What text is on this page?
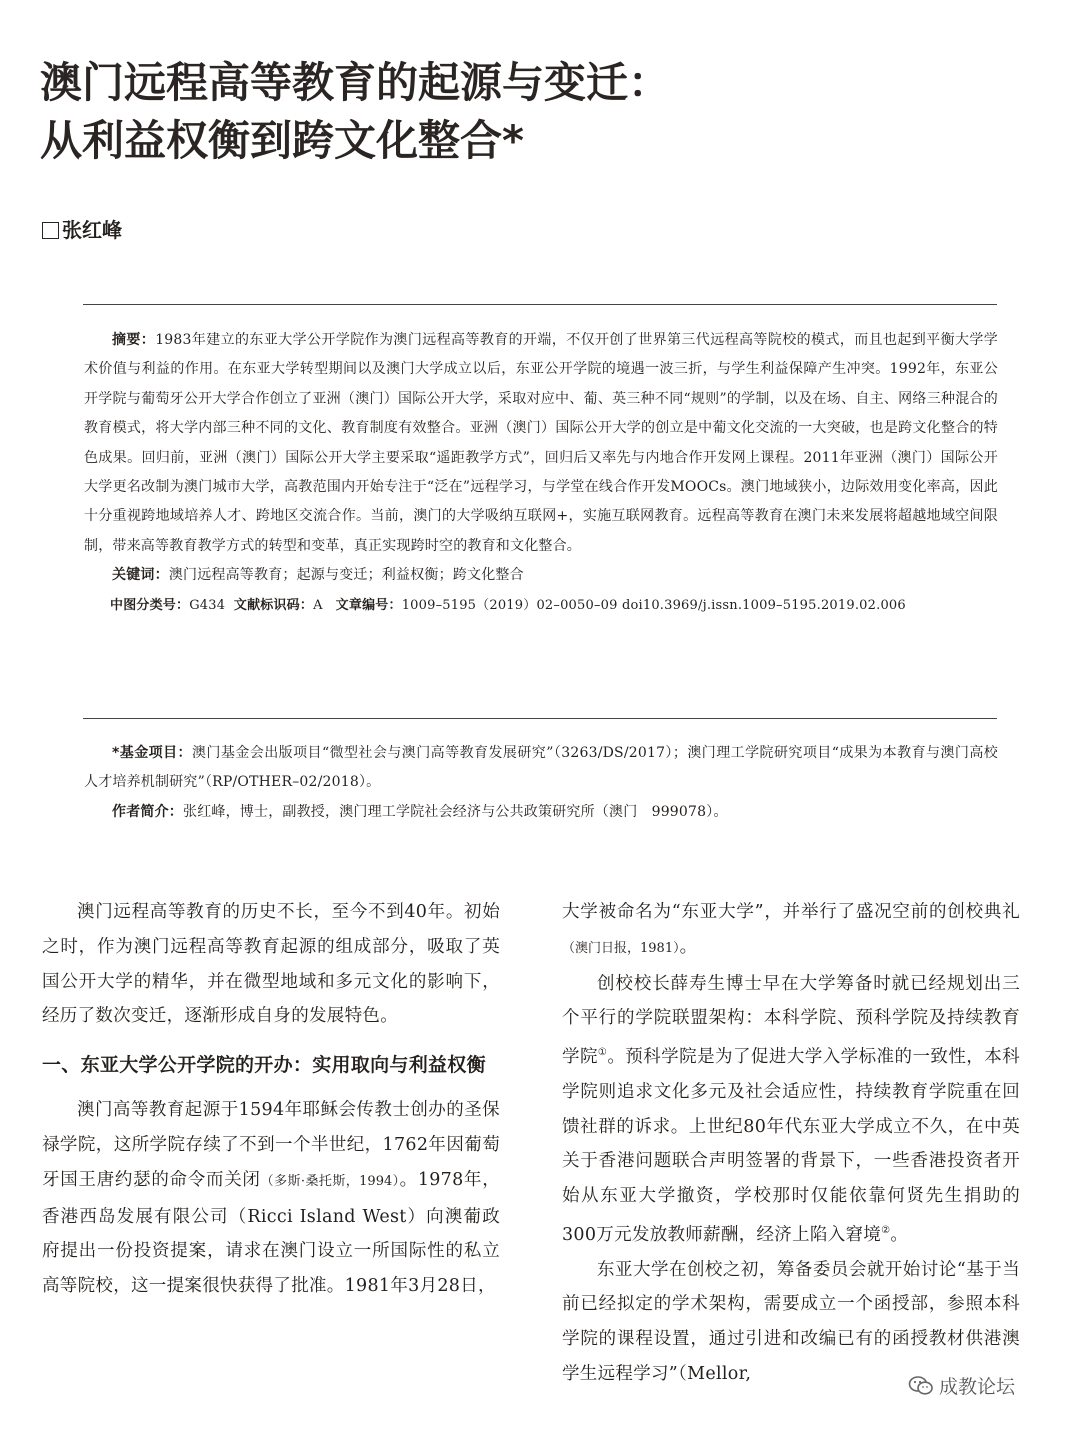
澳门远程高等教育的起源与变迁：
从利益权衡到跨文化整合*
张红峰

摘要：1983年建立的东亚大学公开学院作为澳门远程高等教育的开端，不仅开创了世界第三代远程高等院校的模式，而且也起到平衡大学学术价值与利益的作用。在东亚大学转型期间以及澳门大学成立以后，东亚公开学院的境遇一波三折，与学生利益保障产生冲突。1992年，东亚公开学院与葡萄牙公开大学合作创立了亚洲（澳门）国际公开大学，采取对应中、葡、英三种不同“规则”的学制，以及在场、自主、网络三种混合的教育模式，将大学内部三种不同的文化、教育制度有效整合。亚洲（澳门）国际公开大学的创立是中葡文化交流的一大突破，也是跨文化整合的特色成果。回归前，亚洲（澳门）国际公开大学主要采取“遥距教学方式”，回归后又率先与内地合作开发网上课程。2011年亚洲（澳门）国际公开大学更名改制为澳门城市大学，高教范围内开始专注于“泛在”远程学习，与学堂在线合作开发MOOCs。澳门地域狭小，边际效用变化率高，因此十分重视跨地域培养人才、跨地区交流合作。当前，澳门的大学吸纳互联网+，实施互联网教育。远程高等教育在澳门未来发展将超越地域空间限制，带来高等教育教学方式的转型和变革，真正实现跨时空的教育和文化整合。

关键词：澳门远程高等教育；起源与变迁；利益权衡；跨文化整合

中图分类号：G434 文献标识码：A 文章编号：1009–5195（2019）02–0050–09 doi10.3969/j.issn.1009–5195.2019.02.006

*基金项目：澳门基金会出版项目“微型社会与澳门高等教育发展研究”（3263/DS/2017）；澳门理工学院研究项目“成果为本教育与澳门高校人才培养机制研究”（RP/OTHER–02/2018）。

作者简介：张红峰，博士，副教授，澳门理工学院社会经济与公共政策研究所（澳门　999078）。

澳门远程高等教育的历史不长，至今不到40年。初始之时，作为澳门远程高等教育起源的组成部分，吸取了英国公开大学的精华，并在微型地域和多元文化的影响下，经历了数次变迁，逐渐形成自身的发展特色。

一、东亚大学公开学院的开办：实用取向与利益权衡

澳门高等教育起源于1594年耶稣会传教士创办的圣保禄学院，这所学院存续了不到一个半世纪，1762年因葡萄牙国王唐约瑟的命令而关闭（多斯·桑托斯，1994）。1978年，香港西岛发展有限公司（Ricci Island West）向澳葡政府提出一份投资提案，请求在澳门设立一所国际性的私立高等院校，这一提案很快获得了批准。1981年3月28日，

大学被命名为“东亚大学”，并举行了盛况空前的创校典礼（澳门日报，1981）。

创校校长薛寿生博士早在大学筹备时就已经规划出三个平行的学院联盟架构：本科学院、预科学院及持续教育学院①。预科学院是为了促进大学入学标准的一致性，本科学院则追求文化多元及社会适应性，持续教育学院重在回馈社群的诉求。上世纪80年代东亚大学成立不久，在中英关于香港问题联合声明签署的背景下，一些香港投资者开始从东亚大学撤资，学校那时仅能依靠何贤先生捐助的300万元发放教师薪酬，经济上陷入窘境②。

东亚大学在创校之初，筹备委员会就开始讨论“基于当前已经拟定的学术架构，需要成立一个函授部，参照本科学院的课程设置，通过引进和改编已有的函授教材供港澳学生远程学习”（Mellor,

成教论坛
